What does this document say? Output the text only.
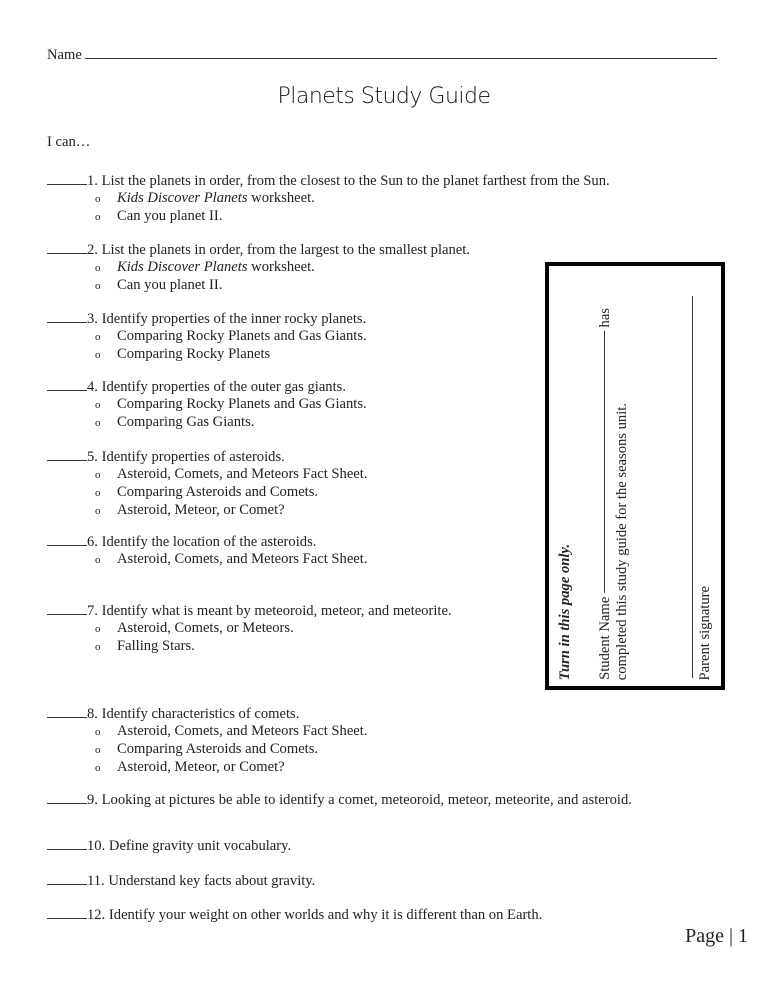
Name
Planets Study Guide
I can…
1. List the planets in order, from the closest to the Sun to the planet farthest from the Sun.
o Kids Discover Planets worksheet.
o Can you planet II.
2. List the planets in order, from the largest to the smallest planet.
o Kids Discover Planets worksheet.
o Can you planet II.
3. Identify properties of the inner rocky planets.
o Comparing Rocky Planets and Gas Giants.
o Comparing Rocky Planets
4. Identify properties of the outer gas giants.
o Comparing Rocky Planets and Gas Giants.
o Comparing Gas Giants.
5. Identify properties of asteroids.
o Asteroid, Comets, and Meteors Fact Sheet.
o Comparing Asteroids and Comets.
o Asteroid, Meteor, or Comet?
6. Identify the location of the asteroids.
o Asteroid, Comets, and Meteors Fact Sheet.
7. Identify what is meant by meteoroid, meteor, and meteorite.
o Asteroid, Comets, or Meteors.
o Falling Stars.
8. Identify characteristics of comets.
o Asteroid, Comets, and Meteors Fact Sheet.
o Comparing Asteroids and Comets.
o Asteroid, Meteor, or Comet?
9. Looking at pictures be able to identify a comet, meteoroid, meteor, meteorite, and asteroid.
10. Define gravity unit vocabulary.
11. Understand key facts about gravity.
12. Identify your weight on other worlds and why it is different than on Earth.
Turn in this page only. Student Name  has
completed this study guide for the seasons unit.	Parent signature
Page | 1
